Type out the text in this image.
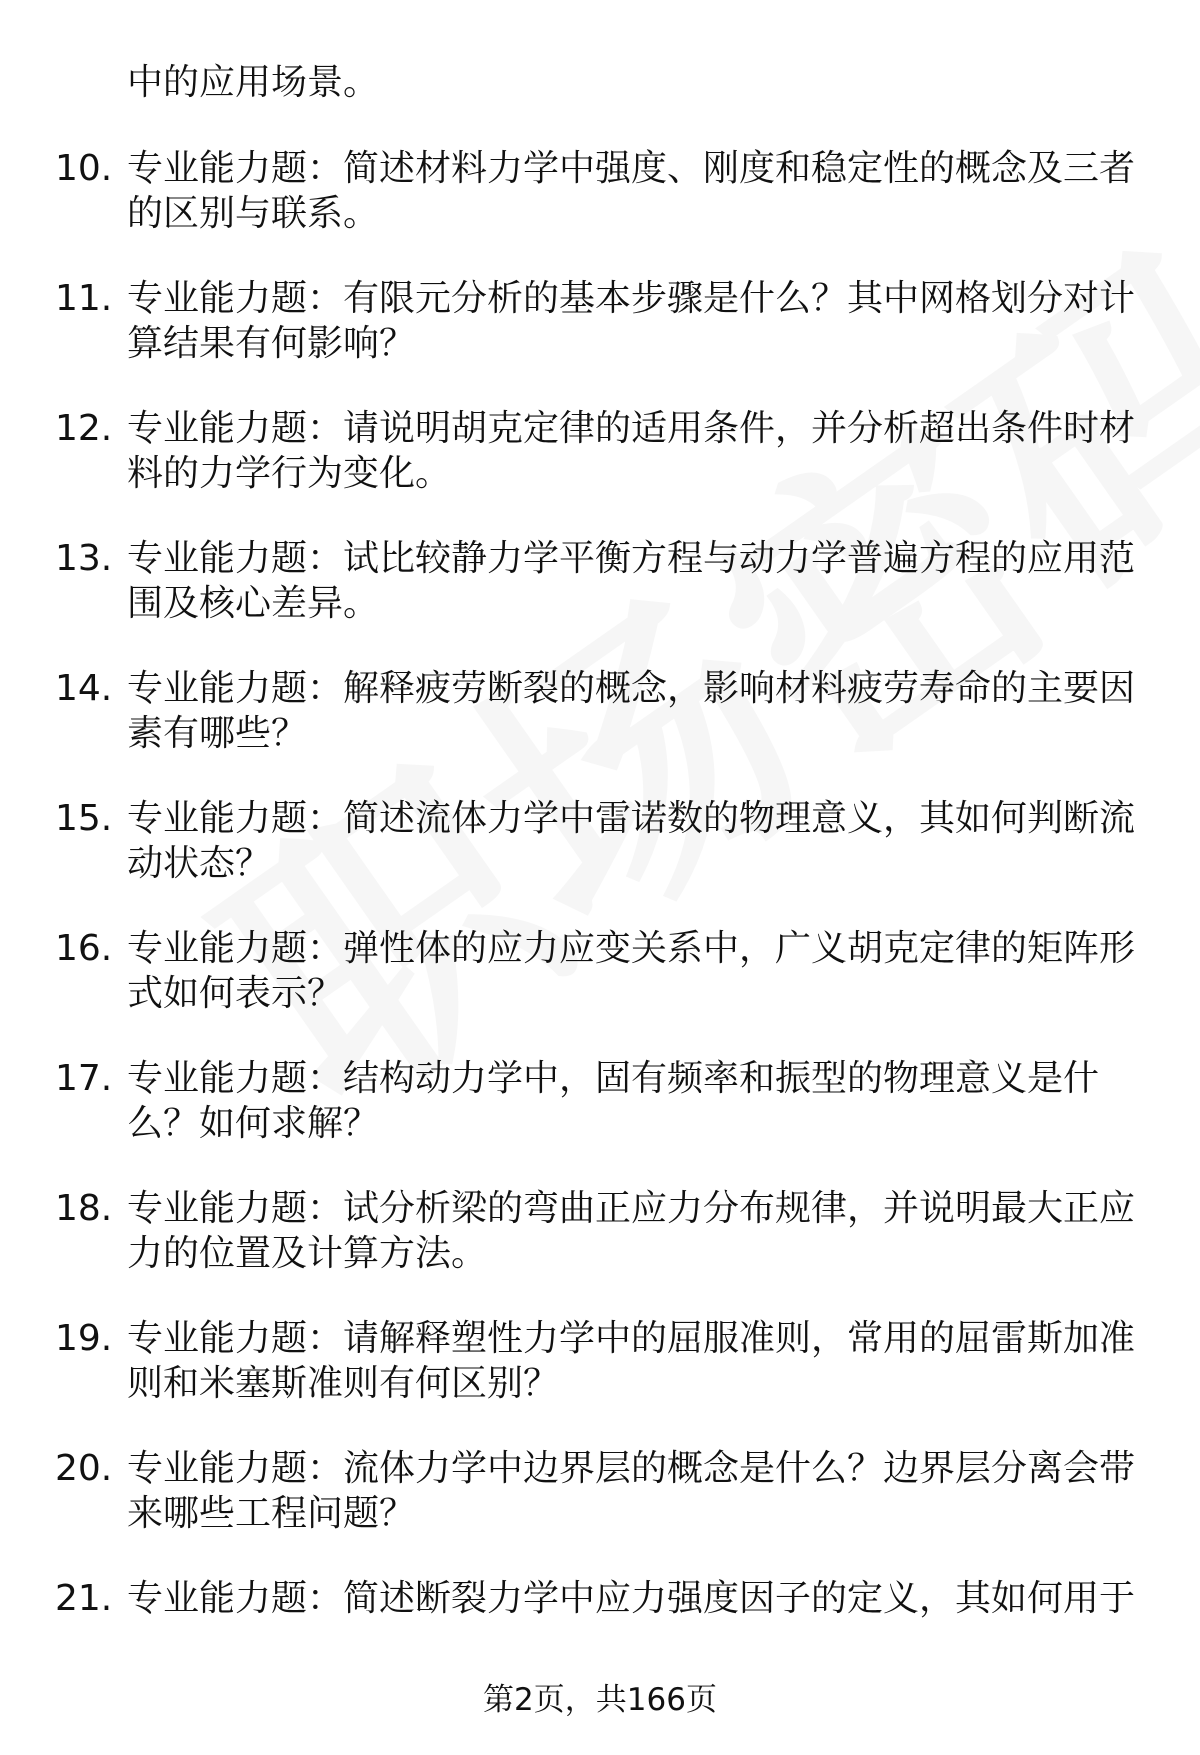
中的应用场景。
10. 专业能力题：简述材料力学中强度、刚度和稳定性的概念及三者
的区别与联系。
11. 专业能力题：有限元分析的基本步骤是什么？其中网格划分对计
算结果有何影响？
12. 专业能力题：请说明胡克定律的适用条件，并分析超出条件时材
料的力学行为变化。
13. 专业能力题：试比较静力学平衡方程与动力学普遍方程的应用范
围及核心差异。
14. 专业能力题：解释疲劳断裂的概念，影响材料疲劳寿命的主要因
素有哪些？
15. 专业能力题：简述流体力学中雷诺数的物理意义，其如何判断流
动状态？
16. 专业能力题：弹性体的应力应变关系中，广义胡克定律的矩阵形
式如何表示？
17. 专业能力题：结构动力学中，固有频率和振型的物理意义是什
么？如何求解？
18. 专业能力题：试分析梁的弯曲正应力分布规律，并说明最大正应
力的位置及计算方法。
19. 专业能力题：请解释塑性力学中的屈服准则，常用的屈雷斯加准
则和米塞斯准则有何区别？
20. 专业能力题：流体力学中边界层的概念是什么？边界层分离会带
来哪些工程问题？
21. 专业能力题：简述断裂力学中应力强度因子的定义，其如何用于
第2页，共166页
